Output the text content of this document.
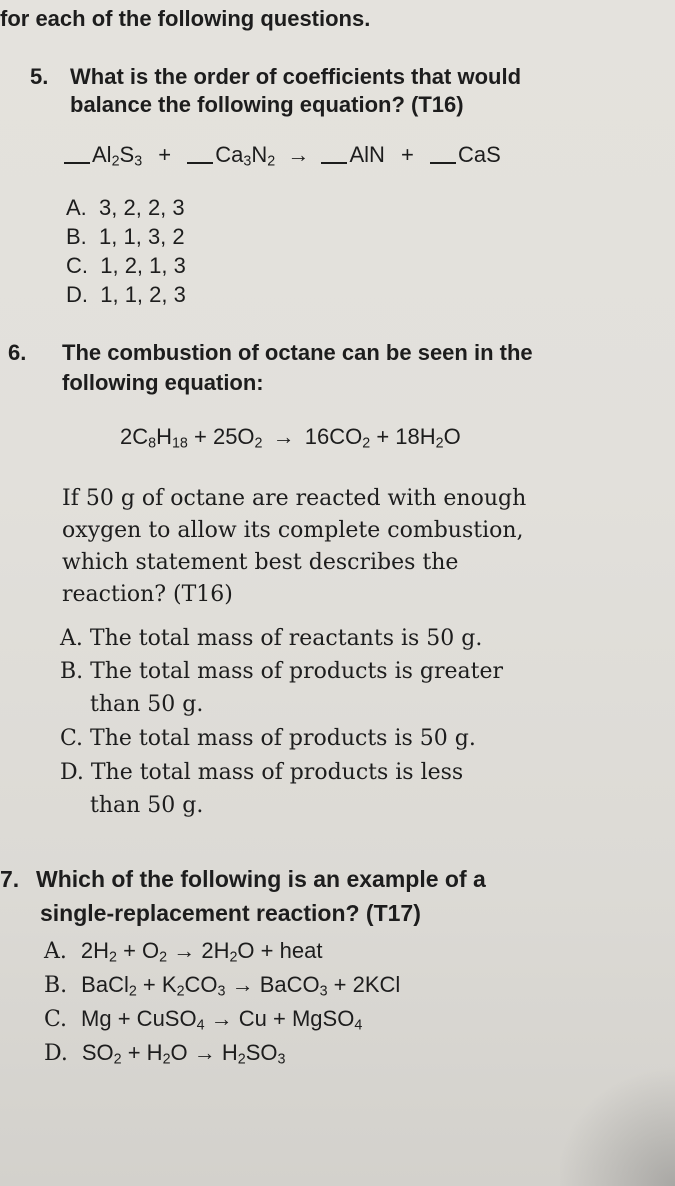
for each of the following questions.
5. What is the order of coefficients that would
balance the following equation? (T16)
$Al_2S_3 + Ca_3N_2$ → AlN + CaS
A. 3, 2, 2, 3
B. 1, 1, 3, 2
C. 1, 2, 1, 3
D. 1, 1, 2, 3
6. The combustion of octane can be seen in the
following equation:
$2C_8H_{18} + 25O_2 \to 16CO_2 + 18H_2O$
If 50 g of octane are reacted with enough
oxygen to allow its complete combustion,
which statement best describes the
reaction? (T16)
A. The total mass of reactants is 50 g.
B. The total mass of products is greater
than 50 g.
C. The total mass of products is 50 g.
D. The total mass of products is less
than 50 g.
7. Which of the following is an example of a
single-replacement reaction? (T17)
A. $2H_2 + O_2 \to 2H_2O$ + heat
B. BaCl$_2$ + $K_2CO_3$ → BaCO$_3$ + 2KCl
C. Mg + CuSO$_4$ → Cu + MgSO$_4$
D. $SO_2 + H_2O \to H_2SO_3$
